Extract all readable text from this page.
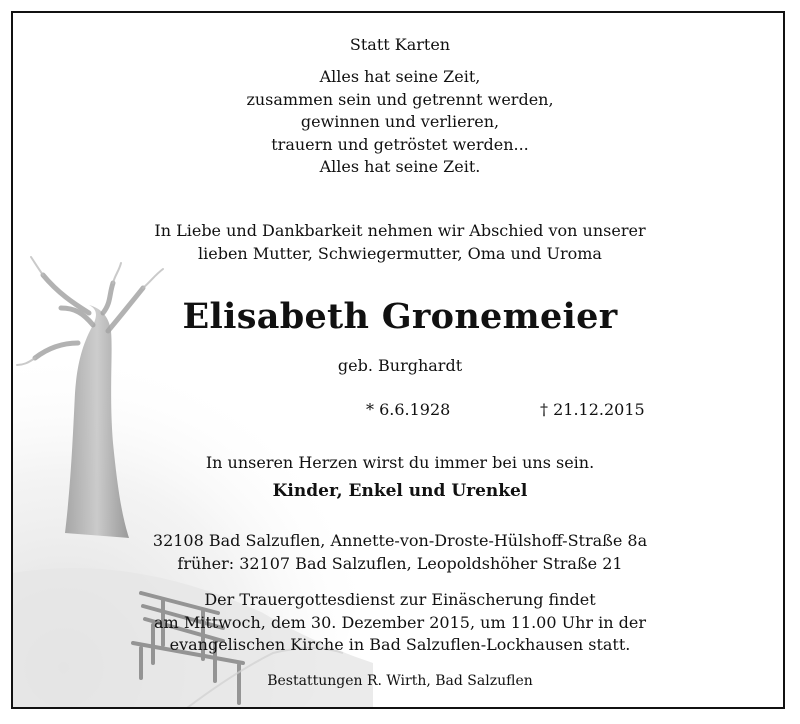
Statt Karten
Alles hat seine Zeit,
zusammen sein und getrennt werden,
gewinnen und verlieren,
trauern und getröstet werden...
Alles hat seine Zeit.
In Liebe und Dankbarkeit nehmen wir Abschied von unserer
lieben Mutter, Schwiegermutter, Oma und Uroma
Elisabeth Gronemeier
geb. Burghardt
* 6.6.1928	† 21.12.2015
In unseren Herzen wirst du immer bei uns sein.
Kinder, Enkel und Urenkel
32108 Bad Salzuflen, Annette-von-Droste-Hülshoff-Straße 8a
früher: 32107 Bad Salzuflen, Leopoldshöher Straße 21
Der Trauergottesdienst zur Einäscherung findet
am Mittwoch, dem 30. Dezember 2015, um 11.00 Uhr in der
evangelischen Kirche in Bad Salzuflen-Lockhausen statt.
Bestattungen R. Wirth, Bad Salzuflen
